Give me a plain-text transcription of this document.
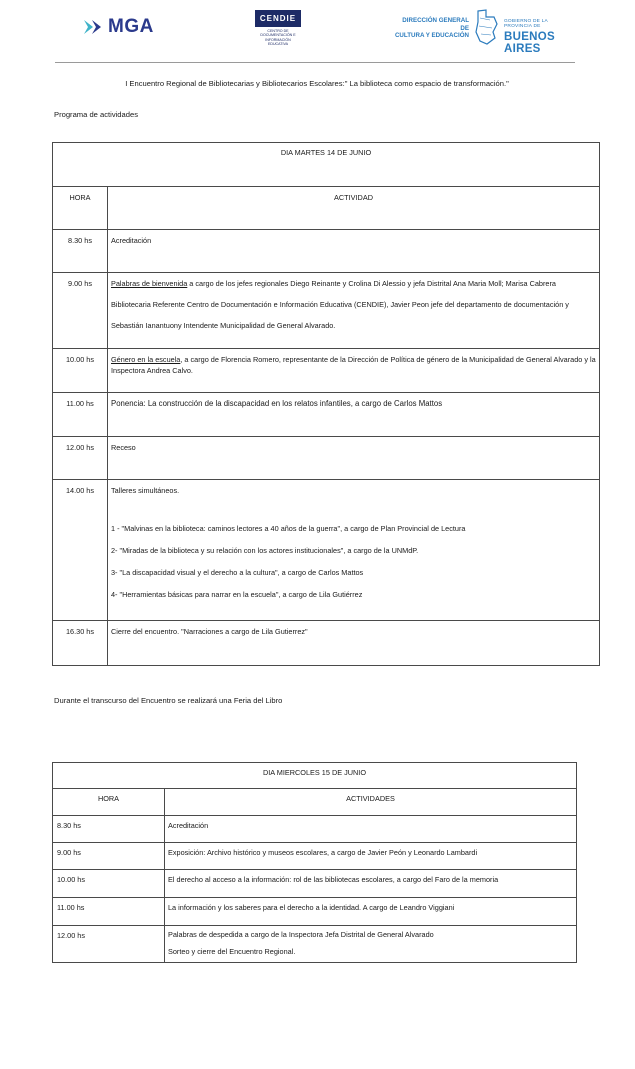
MGA	CENDIE
CENTRO DE DOCUMENTACIÓN E INFORMACIÓN EDUCATIVA
DIRECCIÓN GENERAL DE
CULTURA Y EDUCACIÓN
GOBIERNO DE LA PROVINCIA DE
BUENOS AIRES
I Encuentro Regional de Bibliotecarias y Bibliotecarios Escolares:" La biblioteca como espacio de transformación."
Programa de actividades
DIA MARTES 14 DE JUNIO	
HORA	ACTIVIDAD
8.30 hs	Acreditación
9.00 hs	Palabras de bienvenida a cargo de los jefes regionales Diego Reinante y Crolina Di Alessio y jefa Distrital Ana Maria Moll; Marisa Cabrera Bibliotecaria Referente Centro de Documentación e Información Educativa (CENDIE), Javier Peon jefe del departamento de documentación y Sebastián Ianantuony Intendente Municipalidad de General Alvarado.
10.00 hs	Género en la escuela, a cargo de Florencia Romero, representante de la Dirección de Política de género de la Municipalidad de General Alvarado y la Inspectora Andrea Calvo.
11.00 hs	Ponencia: La construcción de la discapacidad en los relatos infantiles, a cargo de Carlos Mattos
12.00 hs	Receso
14.00 hs	Talleres simultáneos.
1 - "Malvinas en la biblioteca: caminos lectores a 40 años de la guerra", a cargo de Plan Provincial de Lectura
2- "Miradas de la biblioteca y su relación con los actores institucionales", a cargo de la UNMdP.
3- "La discapacidad visual y el derecho a la cultura", a cargo de Carlos Mattos
4- "Herramientas básicas para narrar en la escuela", a cargo de Lila Gutiérrez

16.30 hs	Cierre del encuentro. "Narraciones a cargo de Lila Gutierrez"
Durante el transcurso del Encuentro se realizará una Feria del Libro
DIA MIERCOLES 15 DE JUNIO	
HORA	ACTIVIDADES
8.30 hs	Acreditación
9.00 hs	Exposición: Archivo histórico y museos escolares, a cargo de Javier Peón y Leonardo Lambardi
10.00 hs	El derecho al acceso a la información: rol de las bibliotecas escolares, a cargo del Faro de la memoria
11.00 hs	La información y los saberes para el derecho a la identidad. A cargo de Leandro Viggiani
12.00 hs	Palabras de despedida a cargo de la Inspectora Jefa Distrital de General Alvarado
Sorteo y cierre del Encuentro Regional.
